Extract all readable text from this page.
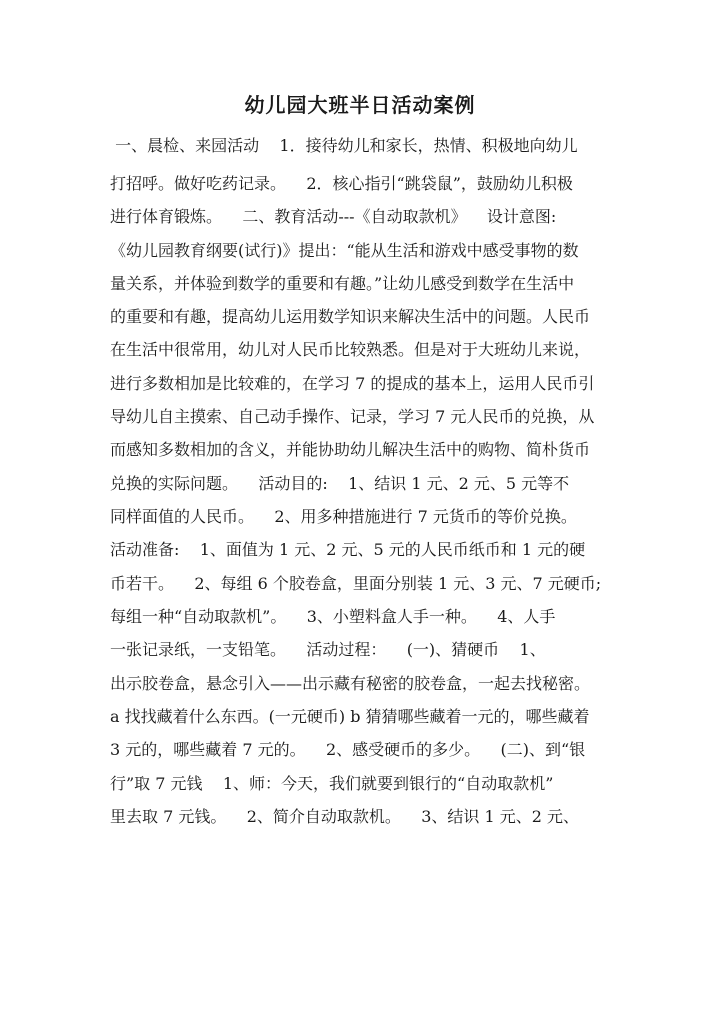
幼儿园大班半日活动案例
一、晨检、来园活动    1．接待幼儿和家长，热情、积极地向幼儿
打招呼。做好吃药记录。    2．核心指引“跳袋鼠”，鼓励幼儿积极
进行体育锻炼。    二、教育活动---《自动取款机》    设计意图:
《幼儿园教育纲要(试行)》提出：“能从生活和游戏中感受事物的数
量关系，并体验到数学的重要和有趣。”让幼儿感受到数学在生活中
的重要和有趣，提高幼儿运用数学知识来解决生活中的问题。人民币
在生活中很常用，幼儿对人民币比较熟悉。但是对于大班幼儿来说，
进行多数相加是比较难的，在学习 7 的提成的基本上，运用人民币引
导幼儿自主摸索、自己动手操作、记录，学习 7 元人民币的兑换，从
而感知多数相加的含义，并能协助幼儿解决生活中的购物、简朴货币
兑换的实际问题。    活动目的:    1、结识 1 元、2 元、5 元等不
同样面值的人民币。    2、用多种措施进行 7 元货币的等价兑换。
活动准备:    1、面值为 1 元、2 元、5 元的人民币纸币和 1 元的硬
币若干。    2、每组 6 个胶卷盒，里面分别装 1 元、3 元、7 元硬币;
每组一种“自动取款机”。    3、小塑料盒人手一种。    4、人手
一张记录纸，一支铅笔。    活动过程：    (一)、猜硬币    1、
出示胶卷盒，悬念引入——出示藏有秘密的胶卷盒，一起去找秘密。
a 找找藏着什么东西。(一元硬币) b 猜猜哪些藏着一元的，哪些藏着
3 元的，哪些藏着 7 元的。    2、感受硬币的多少。    (二)、到“银
行”取 7 元钱    1、师：今天，我们就要到银行的“自动取款机”
里去取 7 元钱。    2、简介自动取款机。    3、结识 1 元、2 元、
